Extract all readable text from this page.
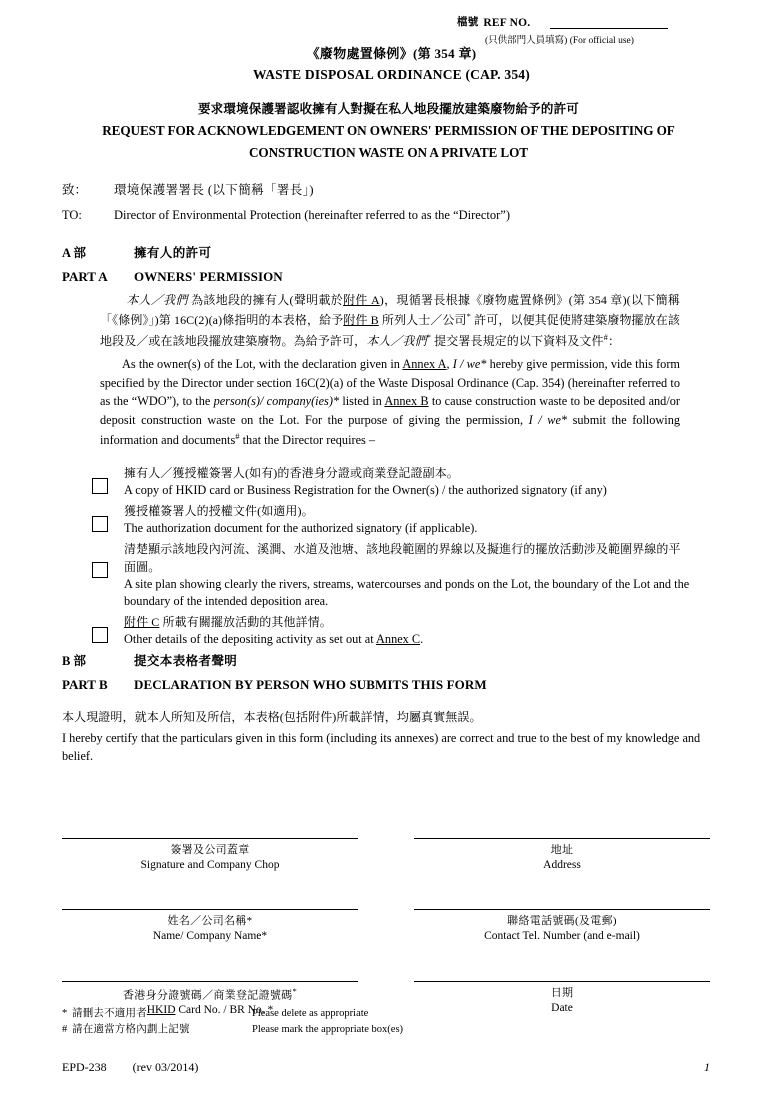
檔號 REF NO.
(只供部門人員填寫) (For official use)
《廢物處置條例》(第 354 章)
WASTE DISPOSAL ORDINANCE (CAP. 354)
要求環境保護署認收擁有人對擬在私人地段擺放建築廢物給予的許可
REQUEST FOR ACKNOWLEDGEMENT ON OWNERS' PERMISSION OF THE DEPOSITING OF
CONSTRUCTION WASTE ON A PRIVATE LOT
致：	環境保護署署長 (以下簡稱「署長」)
TO:	Director of Environmental Protection (hereinafter referred to as the “Director”)
A 部	擁有人的許可
PART A	OWNERS' PERMISSION
本人／我們 為該地段的擁有人(聲明載於附件 A)，現循署長根據《廢物處置條例》(第 354 章)(以下簡稱「《條例》」)第 16C(2)(a)條指明的本表格，給予附件 B 所列人士／公司* 許可，以便其促使將建築廢物擺放在該地段及／或在該地段擺放建築廢物。為給予許可，本人／我們* 提交署長規定的以下資料及文件#：
As the owner(s) of the Lot, with the declaration given in Annex A, I / we* hereby give permission, vide this form specified by the Director under section 16C(2)(a) of the Waste Disposal Ordinance (Cap. 354) (hereinafter referred to as the “WDO”), to the person(s)/ company(ies)* listed in Annex B to cause construction waste to be deposited and/or deposit construction waste on the Lot. For the purpose of giving the permission, I / we* submit the following information and documents# that the Director requires –
擁有人／獲授權簽署人(如有)的香港身分證或商業登記證副本。
A copy of HKID card or Business Registration for the Owner(s) / the authorized signatory (if any)
獲授權簽署人的授權文件(如適用)。
The authorization document for the authorized signatory (if applicable).
清楚顯示該地段內河流、溪澗、水道及池塘、該地段範圍的界線以及擬進行的擺放活動涉及範圍界線的平面圖。
A site plan showing clearly the rivers, streams, watercourses and ponds on the Lot, the boundary of the Lot and the boundary of the intended deposition area.
附件 C 所載有關擺放活動的其他詳情。
Other details of the depositing activity as set out at Annex C.
B 部	提交本表格者聲明
PART B	DECLARATION BY PERSON WHO SUBMITS THIS FORM
本人現證明，就本人所知及所信，本表格(包括附件)所載詳情，均屬真實無誤。
I hereby certify that the particulars given in this form (including its annexes) are correct and true to the best of my knowledge and belief.
簽署及公司蓋章
Signature and Company Chop
地址
Address
姓名／公司名稱*
Name/ Company Name*
聯絡電話號碼(及電郵)
Contact Tel. Number (and e-mail)
香港身分證號碼／商業登記證號碼*
HKID Card No. / BR No. *
日期
Date
* 請刪去不適用者	Please delete as appropriate
# 請在適當方格內劃上記號	Please mark the appropriate box(es)
EPD-238 (rev 03/2014)	1
